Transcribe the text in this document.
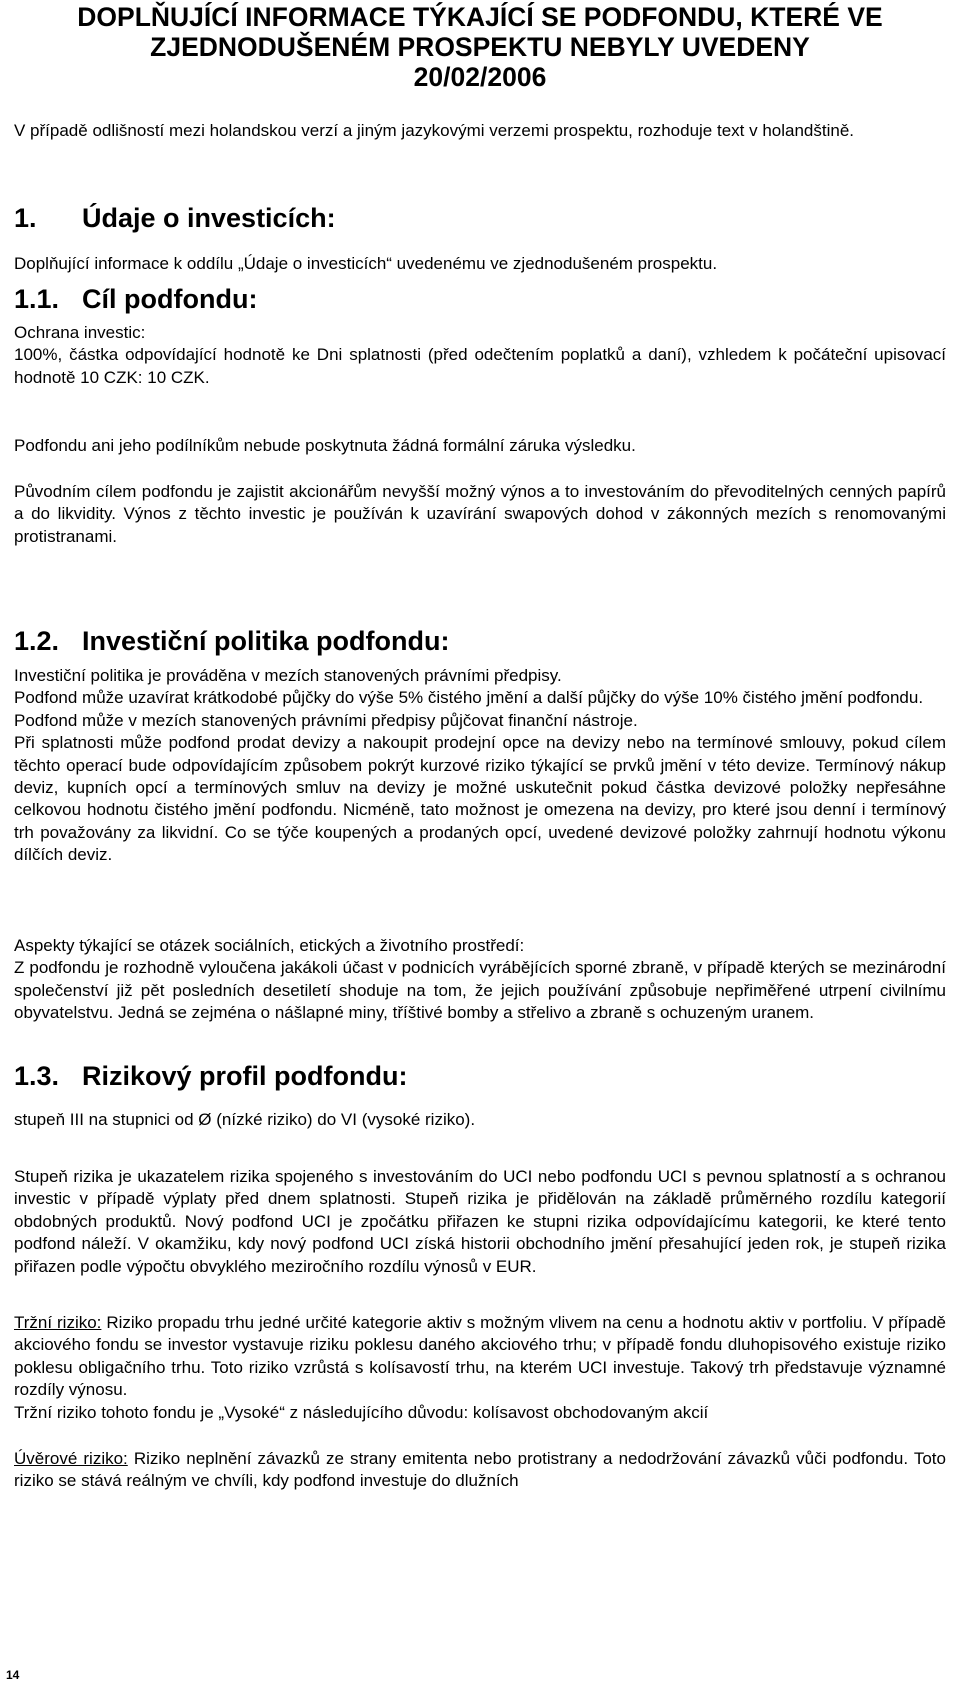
DOPLŇUJÍCÍ INFORMACE TÝKAJÍCÍ SE PODFONDU, KTERÉ VE
ZJEDNODUŠENÉM PROSPEKTU NEBYLY UVEDENY
20/02/2006
V případě odlišností mezi holandskou verzí a jiným jazykovými verzemi prospektu, rozhoduje text v holandštině.
1. Údaje o investicích:
Doplňující informace k oddílu „Údaje o investicích“ uvedenému ve zjednodušeném prospektu.
1.1. Cíl podfondu:

Ochrana investic:

100%, částka odpovídající hodnotě ke Dni splatnosti (před odečtením poplatků a daní), vzhledem k počáteční upisovací hodnotě 10 CZK: 10 CZK.

Podfondu ani jeho podílníkům nebude poskytnuta žádná formální záruka výsledku.
Původním cílem podfondu je zajistit akcionářům nevyšší možný výnos a to investováním do převoditelných cenných papírů a do likvidity. Výnos z těchto investic je používán k uzavírání swapových dohod v zákonných mezích s renomovanými protistranami.
1.2. Investiční politika podfondu:

Investiční politika je prováděna v mezích stanovených právními předpisy.

Podfond může uzavírat krátkodobé půjčky do výše 5% čistého jmění a další půjčky do výše 10% čistého jmění podfondu.

Podfond může v mezích stanovených právními předpisy půjčovat finanční nástroje.

Při splatnosti může podfond prodat devizy a nakoupit prodejní opce na devizy nebo na termínové smlouvy, pokud cílem těchto operací bude odpovídajícím způsobem pokrýt kurzové riziko týkající se prvků jmění v této devize. Termínový nákup deviz, kupních opcí a termínových smluv na devizy je možné uskutečnit pokud částka devizové položky nepřesáhne celkovou hodnotu čistého jmění podfondu. Nicméně, tato možnost je omezena na devizy, pro které jsou denní i termínový trh považovány za likvidní. Co se týče koupených a prodaných opcí, uvedené devizové položky zahrnují hodnotu výkonu dílčích deviz.

Aspekty týkající se otázek sociálních, etických a životního prostředí:

Z podfondu je rozhodně vyloučena jakákoli účast v podnicích vyrábějících sporné zbraně, v případě kterých se mezinárodní společenství již pět posledních desetiletí shoduje na tom, že jejich používání způsobuje nepřiměřené utrpení civilnímu obyvatelstvu. Jedná se zejména o nášlapné miny, tříštivé bomby a střelivo a zbraně s ochuzeným uranem.

1.3. Rizikový profil podfondu:
stupeň III na stupnici od Ø (nízké riziko) do VI (vysoké riziko).
Stupeň rizika je ukazatelem rizika spojeného s investováním do UCI nebo podfondu UCI s pevnou splatností a s ochranou investic v případě výplaty před dnem splatnosti. Stupeň rizika je přidělován na základě průměrného rozdílu kategorií obdobných produktů. Nový podfond UCI je zpočátku přiřazen ke stupni rizika odpovídajícímu kategorii, ke které tento podfond náleží. V okamžiku, kdy nový podfond UCI získá historii obchodního jmění přesahující jeden rok, je stupeň rizika přiřazen podle výpočtu obvyklého meziročního rozdílu výnosů v EUR.

Tržní riziko: Riziko propadu trhu jedné určité kategorie aktiv s možným vlivem na cenu a hodnotu aktiv v portfoliu. V případě akciového fondu se investor vystavuje riziku poklesu daného akciového trhu; v případě fondu dluhopisového existuje riziko poklesu obligačního trhu. Toto riziko vzrůstá s kolísavostí trhu, na kterém UCI investuje. Takový trh představuje významné rozdíly výnosu.

Tržní riziko tohoto fondu je „Vysoké“ z následujícího důvodu: kolísavost obchodovaným akcií

Úvěrové riziko: Riziko neplnění závazků ze strany emitenta nebo protistrany a nedodržování závazků vůči podfondu. Toto riziko se stává reálným ve chvíli, kdy podfond investuje do dlužních
14
